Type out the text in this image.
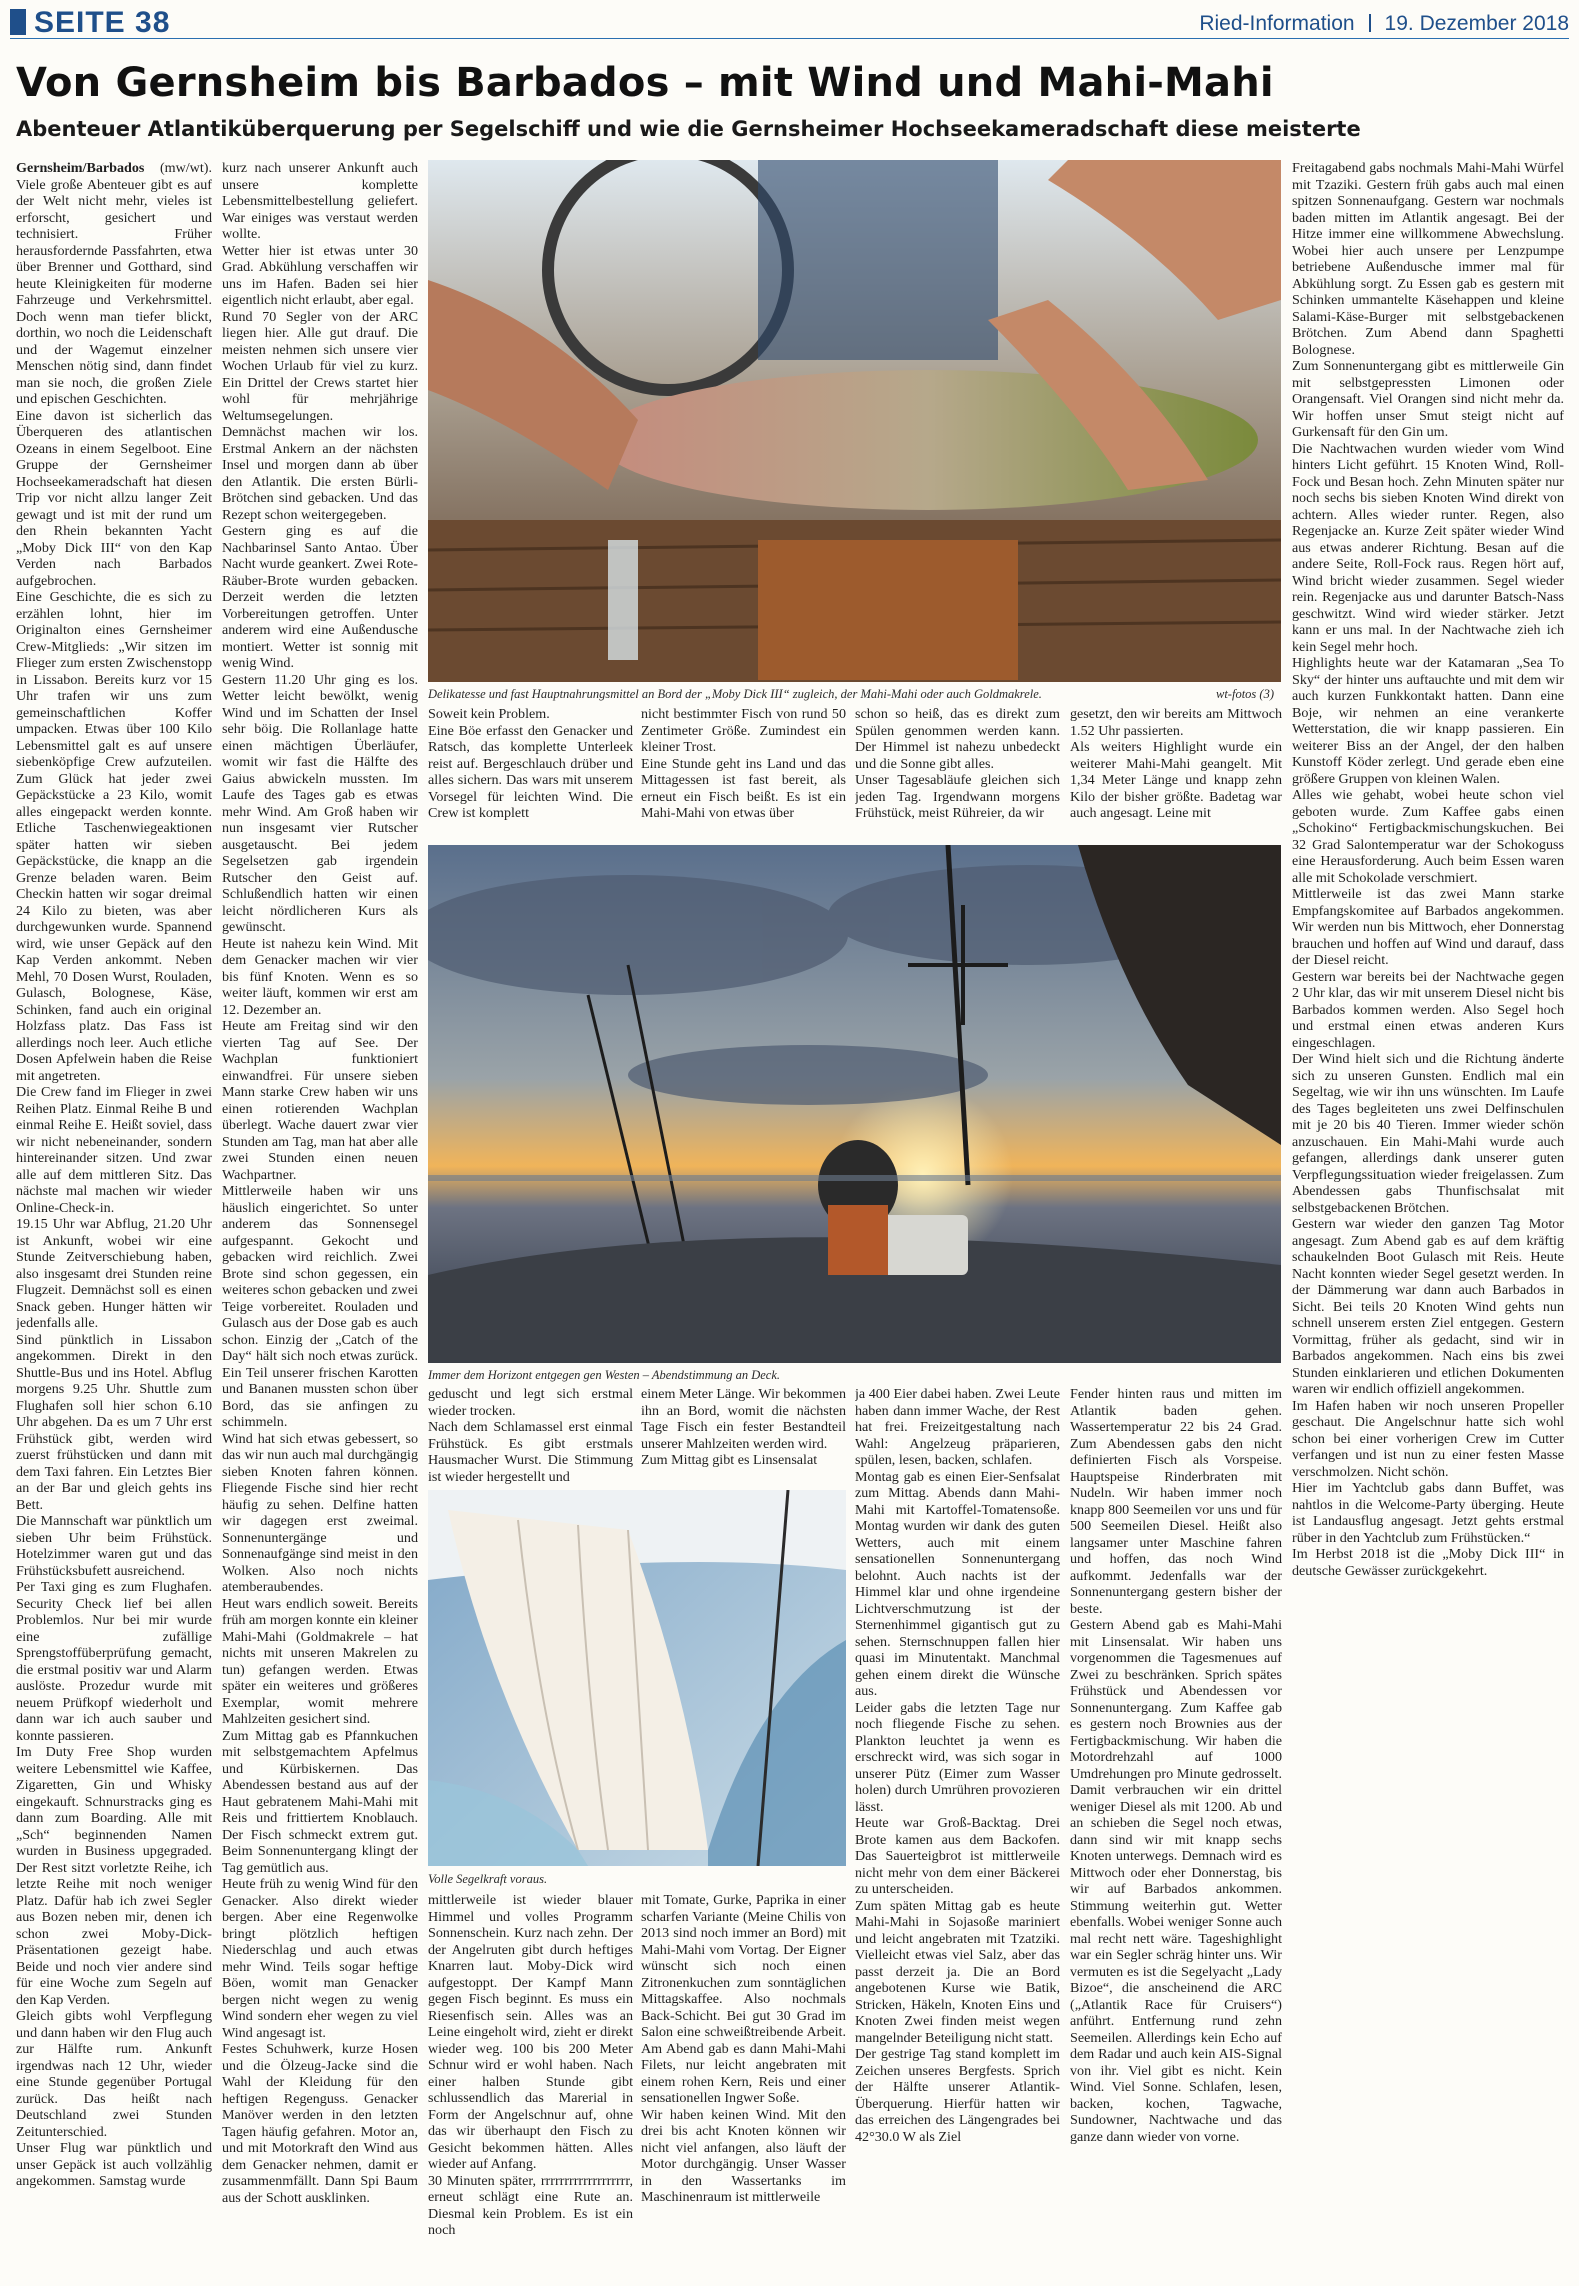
SEITE 38	Ried-Information 19. Dezember 2018
Von Gernsheim bis Barbados – mit Wind und Mahi-Mahi
Abenteuer Atlantiküberquerung per Segelschiff und wie die Gernsheimer Hochseekameradschaft diese meisterte

Gernsheim/Barbados (mw/wt). Viele große Abenteuer gibt es auf der Welt nicht mehr, vieles ist erforscht, gesichert und technisiert. Früher herausfordernde Passfahrten, etwa über Brenner und Gotthard, sind heute Kleinigkeiten für moderne Fahrzeuge und Verkehrsmittel. Doch wenn man tiefer blickt, dorthin, wo noch die Leidenschaft und der Wagemut einzelner Menschen nötig sind, dann findet man sie noch, die großen Ziele und epischen Geschichten.
Eine davon ist sicherlich das Überqueren des atlantischen Ozeans in einem Segelboot. Eine Gruppe der Gernsheimer Hochseekameradschaft hat diesen Trip vor nicht allzu langer Zeit gewagt und ist mit der rund um den Rhein bekannten Yacht „Moby Dick III“ von den Kap Verden nach Barbados aufgebrochen.
Eine Geschichte, die es sich zu erzählen lohnt, hier im Originalton eines Gernsheimer Crew-Mitglieds: „Wir sitzen im Flieger zum ersten Zwischenstopp in Lissabon. Bereits kurz vor 15 Uhr trafen wir uns zum gemeinschaftlichen Koffer umpacken. Etwas über 100 Kilo Lebensmittel galt es auf unsere siebenköpfige Crew aufzuteilen. Zum Glück hat jeder zwei Gepäckstücke a 23 Kilo, womit alles eingepackt werden konnte. Etliche Taschenwiegeaktionen später hatten wir sieben Gepäckstücke, die knapp an die Grenze beladen waren. Beim Checkin hatten wir sogar dreimal 24 Kilo zu bieten, was aber durchgewunken wurde. Spannend wird, wie unser Gepäck auf den Kap Verden ankommt. Neben Mehl, 70 Dosen Wurst, Rouladen, Gulasch, Bolognese, Käse, Schinken, fand auch ein original Holzfass platz. Das Fass ist allerdings noch leer. Auch etliche Dosen Apfelwein haben die Reise mit angetreten.
Die Crew fand im Flieger in zwei Reihen Platz. Einmal Reihe B und einmal Reihe E. Heißt soviel, dass wir nicht nebeneinander, sondern hintereinander sitzen. Und zwar alle auf dem mittleren Sitz. Das nächste mal machen wir wieder Online-Check-in.
19.15 Uhr war Abflug, 21.20 Uhr ist Ankunft, wobei wir eine Stunde Zeitverschiebung haben, also insgesamt drei Stunden reine Flugzeit. Demnächst soll es einen Snack geben. Hunger hätten wir jedenfalls alle.
Sind pünktlich in Lissabon angekommen. Direkt in den Shuttle-Bus und ins Hotel. Abflug morgens 9.25 Uhr. Shuttle zum Flughafen soll hier schon 6.10 Uhr abgehen. Da es um 7 Uhr erst Frühstück gibt, werden wird zuerst frühstücken und dann mit dem Taxi fahren. Ein Letztes Bier an der Bar und gleich gehts ins Bett.
Die Mannschaft war pünktlich um sieben Uhr beim Frühstück. Hotelzimmer waren gut und das Frühstücksbufett ausreichend.
Per Taxi ging es zum Flughafen. Security Check lief bei allen Problemlos. Nur bei mir wurde eine zufällige Sprengstoffüberprüfung gemacht, die erstmal positiv war und Alarm auslöste. Prozedur wurde mit neuem Prüfkopf wiederholt und dann war ich auch sauber und konnte passieren.
Im Duty Free Shop wurden weitere Lebensmittel wie Kaffee, Zigaretten, Gin und Whisky eingekauft. Schnurstracks ging es dann zum Boarding. Alle mit „Sch“ beginnenden Namen wurden in Business upgegraded. Der Rest sitzt vorletzte Reihe, ich letzte Reihe mit noch weniger Platz. Dafür hab ich zwei Segler aus Bozen neben mir, denen ich schon zwei Moby-Dick-Präsentationen gezeigt habe. Beide und noch vier andere sind für eine Woche zum Segeln auf den Kap Verden.
Gleich gibts wohl Verpflegung und dann haben wir den Flug auch zur Hälfte rum. Ankunft irgendwas nach 12 Uhr, wieder eine Stunde gegenüber Portugal zurück. Das heißt nach Deutschland zwei Stunden Zeitunterschied.
Unser Flug war pünktlich und unser Gepäck ist auch vollzählig angekommen. Samstag wurde

kurz nach unserer Ankunft auch unsere komplette Lebensmittelbestellung geliefert. War einiges was verstaut werden wollte.
Wetter hier ist etwas unter 30 Grad. Abkühlung verschaffen wir uns im Hafen. Baden sei hier eigentlich nicht erlaubt, aber egal.
Rund 70 Segler von der ARC liegen hier. Alle gut drauf. Die meisten nehmen sich unsere vier Wochen Urlaub für viel zu kurz. Ein Drittel der Crews startet hier wohl für mehrjährige Weltumsegelungen.
Demnächst machen wir los. Erstmal Ankern an der nächsten Insel und morgen dann ab über den Atlantik. Die ersten Bürli-Brötchen sind gebacken. Und das Rezept schon weitergegeben.
Gestern ging es auf die Nachbarinsel Santo Antao. Über Nacht wurde geankert. Zwei Rote-Räuber-Brote wurden gebacken. Derzeit werden die letzten Vorbereitungen getroffen. Unter anderem wird eine Außendusche montiert. Wetter ist sonnig mit wenig Wind.
Gestern 11.20 Uhr ging es los. Wetter leicht bewölkt, wenig Wind und im Schatten der Insel sehr böig. Die Rollanlage hatte einen mächtigen Überläufer, womit wir fast die Hälfte des Gaius abwickeln mussten. Im Laufe des Tages gab es etwas mehr Wind. Am Groß haben wir nun insgesamt vier Rutscher ausgetauscht. Bei jedem Segelsetzen gab irgendein Rutscher den Geist auf. Schlußendlich hatten wir einen leicht nördlicheren Kurs als gewünscht.
Heute ist nahezu kein Wind. Mit dem Genacker machen wir vier bis fünf Knoten. Wenn es so weiter läuft, kommen wir erst am 12. Dezember an.
Heute am Freitag sind wir den vierten Tag auf See. Der Wachplan funktioniert einwandfrei. Für unsere sieben Mann starke Crew haben wir uns einen rotierenden Wachplan überlegt. Wache dauert zwar vier Stunden am Tag, man hat aber alle zwei Stunden einen neuen Wachpartner.
Mittlerweile haben wir uns häuslich eingerichtet. So unter anderem das Sonnensegel aufgespannt. Gekocht und gebacken wird reichlich. Zwei Brote sind schon gegessen, ein weiteres schon gebacken und zwei Teige vorbereitet. Rouladen und Gulasch aus der Dose gab es auch schon. Einzig der „Catch of the Day“ hält sich noch etwas zurück. Ein Teil unserer frischen Karotten und Bananen mussten schon über Bord, das sie anfingen zu schimmeln.
Wind hat sich etwas gebessert, so das wir nun auch mal durchgängig sieben Knoten fahren können. Fliegende Fische sind hier recht häufig zu sehen. Delfine hatten wir dagegen erst zweimal. Sonnenuntergänge und Sonnenaufgänge sind meist in den Wolken. Also noch nichts atemberaubendes.
Heut wars endlich soweit. Bereits früh am morgen konnte ein kleiner Mahi-Mahi (Goldmakrele – hat nichts mit unseren Makrelen zu tun) gefangen werden. Etwas später ein weiteres und größeres Exemplar, womit mehrere Mahlzeiten gesichert sind.
Zum Mittag gab es Pfannkuchen mit selbstgemachtem Apfelmus und Kürbiskernen. Das Abendessen bestand aus auf der Haut gebratenem Mahi-Mahi mit Reis und frittiertem Knoblauch. Der Fisch schmeckt extrem gut. Beim Sonnenuntergang klingt der Tag gemütlich aus.
Heute früh zu wenig Wind für den Genacker. Also direkt wieder bergen. Aber eine Regenwolke bringt plötzlich heftigen Niederschlag und auch etwas mehr Wind. Teils sogar heftige Böen, womit man Genacker bergen nicht wegen zu wenig Wind sondern eher wegen zu viel Wind angesagt ist.
Festes Schuhwerk, kurze Hosen und die Ölzeug-Jacke sind die Wahl der Kleidung für den heftigen Regenguss. Genacker Manöver werden in den letzten Tagen häufig gefahren. Motor an, und mit Motorkraft den Wind aus dem Genacker nehmen, damit er zusammenmfällt. Dann Spi Baum aus der Schott ausklinken.

Delikatesse und fast Hauptnahrungsmittel an Bord der „Moby Dick III“ zugleich, der Mahi-Mahi oder auch Goldmakrele.	wt-fotos (3)

Soweit kein Problem.
Eine Böe erfasst den Genacker und Ratsch, das komplette Unterleek reist auf. Bergeschlauch drüber und alles sichern. Das wars mit unserem Vorsegel für leichten Wind. Die Crew ist komplett

nicht bestimmter Fisch von rund 50 Zentimeter Größe. Zumindest ein kleiner Trost.
Eine Stunde geht ins Land und das Mittagessen ist fast bereit, als erneut ein Fisch beißt. Es ist ein Mahi-Mahi von etwas über

schon so heiß, das es direkt zum Spülen genommen werden kann. Der Himmel ist nahezu unbedeckt und die Sonne gibt alles.
Unser Tagesabläufe gleichen sich jeden Tag. Irgendwann morgens Frühstück, meist Rühreier, da wir

gesetzt, den wir bereits am Mittwoch 1.52 Uhr passierten.
Als weiters Highlight wurde ein weiterer Mahi-Mahi geangelt. Mit 1,34 Meter Länge und knapp zehn Kilo der bisher größte. Badetag war auch angesagt. Leine mit

Immer dem Horizont entgegen gen Westen – Abendstimmung an Deck.

geduscht und legt sich erstmal wieder trocken.
Nach dem Schlamassel erst einmal Frühstück. Es gibt erstmals Hausmacher Wurst. Die Stimmung ist wieder hergestellt und

einem Meter Länge. Wir bekommen ihn an Bord, womit die nächsten Tage Fisch ein fester Bestandteil unserer Mahlzeiten werden wird.
Zum Mittag gibt es Linsensalat

Volle Segelkraft voraus.

mittlerweile ist wieder blauer Himmel und volles Programm Sonnenschein. Kurz nach zehn. Der der Angelruten gibt durch heftiges Knarren laut. Moby-Dick wird aufgestoppt. Der Kampf Mann gegen Fisch beginnt. Es muss ein Riesenfisch sein. Alles was an Leine eingeholt wird, zieht er direkt wieder weg. 100 bis 200 Meter Schnur wird er wohl haben. Nach einer halben Stunde gibt schlussendlich das Marerial in Form der Angelschnur auf, ohne das wir überhaupt den Fisch zu Gesicht bekommen hätten. Alles wieder auf Anfang.
30 Minuten später, rrrrrrrrrrrrrrrrrrr, erneut schlägt eine Rute an. Diesmal kein Problem. Es ist ein noch

mit Tomate, Gurke, Paprika in einer scharfen Variante (Meine Chilis von 2013 sind noch immer an Bord) mit Mahi-Mahi vom Vortag. Der Eigner wünscht sich noch einen Zitronenkuchen zum sonntäglichen Mittagskaffee. Also nochmals Back-Schicht. Bei gut 30 Grad im Salon eine schweißtreibende Arbeit. Am Abend gab es dann Mahi-Mahi Filets, nur leicht angebraten mit einem rohen Kern, Reis und einer sensationellen Ingwer Soße.
Wir haben keinen Wind. Mit den drei bis acht Knoten können wir nicht viel anfangen, also läuft der Motor durchgängig. Unser Wasser in den Wassertanks im Maschinenraum ist mittlerweile

ja 400 Eier dabei haben. Zwei Leute haben dann immer Wache, der Rest hat frei. Freizeitgestaltung nach Wahl: Angelzeug präparieren, spülen, lesen, backen, schlafen.
Montag gab es einen Eier-Senfsalat zum Mittag. Abends dann Mahi-Mahi mit Kartoffel-Tomatensoße. Montag wurden wir dank des guten Wetters, auch mit einem sensationellen Sonnenuntergang belohnt. Auch nachts ist der Himmel klar und ohne irgendeine Lichtverschmutzung ist der Sternenhimmel gigantisch gut zu sehen. Sternschnuppen fallen hier quasi im Minutentakt. Manchmal gehen einem direkt die Wünsche aus.
Leider gabs die letzten Tage nur noch fliegende Fische zu sehen. Plankton leuchtet ja wenn es erschreckt wird, was sich sogar in unserer Pütz (Eimer zum Wasser holen) durch Umrühren provozieren lässt.
Heute war Groß-Backtag. Drei Brote kamen aus dem Backofen. Das Sauerteigbrot ist mittlerweile nicht mehr von dem einer Bäckerei zu unterscheiden.
Zum späten Mittag gab es heute Mahi-Mahi in Sojasoße mariniert und leicht angebraten mit Tzatziki. Vielleicht etwas viel Salz, aber das passt derzeit ja. Die an Bord angebotenen Kurse wie Batik, Stricken, Häkeln, Knoten Eins und Knoten Zwei finden meist wegen mangelnder Beteiligung nicht statt.
Der gestrige Tag stand komplett im Zeichen unseres Bergfests. Sprich der Hälfte unserer Atlantik-Überquerung. Hierfür hatten wir das erreichen des Längengrades bei 42°30.0 W als Ziel

Fender hinten raus und mitten im Atlantik baden gehen. Wassertemperatur 22 bis 24 Grad. Zum Abendessen gabs den nicht definierten Fisch als Vorspeise. Hauptspeise Rinderbraten mit Nudeln. Wir haben immer noch knapp 800 Seemeilen vor uns und für 500 Seemeilen Diesel. Heißt also langsamer unter Maschine fahren und hoffen, das noch Wind aufkommt. Jedenfalls war der Sonnenuntergang gestern bisher der beste.
Gestern Abend gab es Mahi-Mahi mit Linsensalat. Wir haben uns vorgenommen die Tagesmenues auf Zwei zu beschränken. Sprich spätes Frühstück und Abendessen vor Sonnenuntergang. Zum Kaffee gab es gestern noch Brownies aus der Fertigbackmischung. Wir haben die Motordrehzahl auf 1000 Umdrehungen pro Minute gedrosselt. Damit verbrauchen wir ein drittel weniger Diesel als mit 1200. Ab und an schieben die Segel noch etwas, dann sind wir mit knapp sechs Knoten unterwegs. Demnach wird es Mittwoch oder eher Donnerstag, bis wir auf Barbados ankommen. Stimmung weiterhin gut. Wetter ebenfalls. Wobei weniger Sonne auch mal recht nett wäre. Tageshighlight war ein Segler schräg hinter uns. Wir vermuten es ist die Segelyacht „Lady Bizoe“, die anscheinend die ARC („Atlantik Race für Cruisers“) anführt. Entfernung rund zehn Seemeilen. Allerdings kein Echo auf dem Radar und auch kein AIS-Signal von ihr. Viel gibt es nicht. Kein Wind. Viel Sonne. Schlafen, lesen, backen, kochen, Tagwache, Sundowner, Nachtwache und das ganze dann wieder von vorne.

Freitagabend gabs nochmals Mahi-Mahi Würfel mit Tzaziki. Gestern früh gabs auch mal einen spitzen Sonnenaufgang. Gestern war nochmals baden mitten im Atlantik angesagt. Bei der Hitze immer eine willkommene Abwechslung. Wobei hier auch unsere per Lenzpumpe betriebene Außendusche immer mal für Abkühlung sorgt. Zu Essen gab es gestern mit Schinken ummantelte Käsehappen und kleine Salami-Käse-Burger mit selbstgebackenen Brötchen. Zum Abend dann Spaghetti Bolognese.
Zum Sonnenuntergang gibt es mittlerweile Gin mit selbstgepressten Limonen oder Orangensaft. Viel Orangen sind nicht mehr da. Wir hoffen unser Smut steigt nicht auf Gurkensaft für den Gin um.
Die Nachtwachen wurden wieder vom Wind hinters Licht geführt. 15 Knoten Wind, Roll-Fock und Besan hoch. Zehn Minuten später nur noch sechs bis sieben Knoten Wind direkt von achtern. Alles wieder runter. Regen, also Regenjacke an. Kurze Zeit später wieder Wind aus etwas anderer Richtung. Besan auf die andere Seite, Roll-Fock raus. Regen hört auf, Wind bricht wieder zusammen. Segel wieder rein. Regenjacke aus und darunter Batsch-Nass geschwitzt. Wind wird wieder stärker. Jetzt kann er uns mal. In der Nachtwache zieh ich kein Segel mehr hoch.
Highlights heute war der Katamaran „Sea To Sky“ der hinter uns auftauchte und mit dem wir auch kurzen Funkkontakt hatten. Dann eine Boje, wir nehmen an eine verankerte Wetterstation, die wir knapp passieren. Ein weiterer Biss an der Angel, der den halben Kunstoff Köder zerlegt. Und gerade eben eine größere Gruppen von kleinen Walen.
Alles wie gehabt, wobei heute schon viel geboten wurde. Zum Kaffee gabs einen „Schokino“ Fertigbackmischungskuchen. Bei 32 Grad Salontemperatur war der Schokoguss eine Herausforderung. Auch beim Essen waren alle mit Schokolade verschmiert.
Mittlerweile ist das zwei Mann starke Empfangskomitee auf Barbados angekommen. Wir werden nun bis Mittwoch, eher Donnerstag brauchen und hoffen auf Wind und darauf, dass der Diesel reicht.
Gestern war bereits bei der Nachtwache gegen 2 Uhr klar, das wir mit unserem Diesel nicht bis Barbados kommen werden. Also Segel hoch und erstmal einen etwas anderen Kurs eingeschlagen.
Der Wind hielt sich und die Richtung änderte sich zu unseren Gunsten. Endlich mal ein Segeltag, wie wir ihn uns wünschten. Im Laufe des Tages begleiteten uns zwei Delfinschulen mit je 20 bis 40 Tieren. Immer wieder schön anzuschauen. Ein Mahi-Mahi wurde auch gefangen, allerdings dank unserer guten Verpflegungssituation wieder freigelassen. Zum Abendessen gabs Thunfischsalat mit selbstgebackenen Brötchen.
Gestern war wieder den ganzen Tag Motor angesagt. Zum Abend gab es auf dem kräftig schaukelnden Boot Gulasch mit Reis. Heute Nacht konnten wieder Segel gesetzt werden. In der Dämmerung war dann auch Barbados in Sicht. Bei teils 20 Knoten Wind gehts nun schnell unserem ersten Ziel entgegen. Gestern Vormittag, früher als gedacht, sind wir in Barbados angekommen. Nach eins bis zwei Stunden einklarieren und etlichen Dokumenten waren wir endlich offiziell angekommen.
Im Hafen haben wir noch unseren Propeller geschaut. Die Angelschnur hatte sich wohl schon bei einer vorherigen Crew im Cutter verfangen und ist nun zu einer festen Masse verschmolzen. Nicht schön.
Hier im Yachtclub gabs dann Buffet, was nahtlos in die Welcome-Party überging. Heute ist Landausflug angesagt. Jetzt gehts erstmal rüber in den Yachtclub zum Frühstücken.“
Im Herbst 2018 ist die „Moby Dick III“ in deutsche Gewässer zurückgekehrt.
